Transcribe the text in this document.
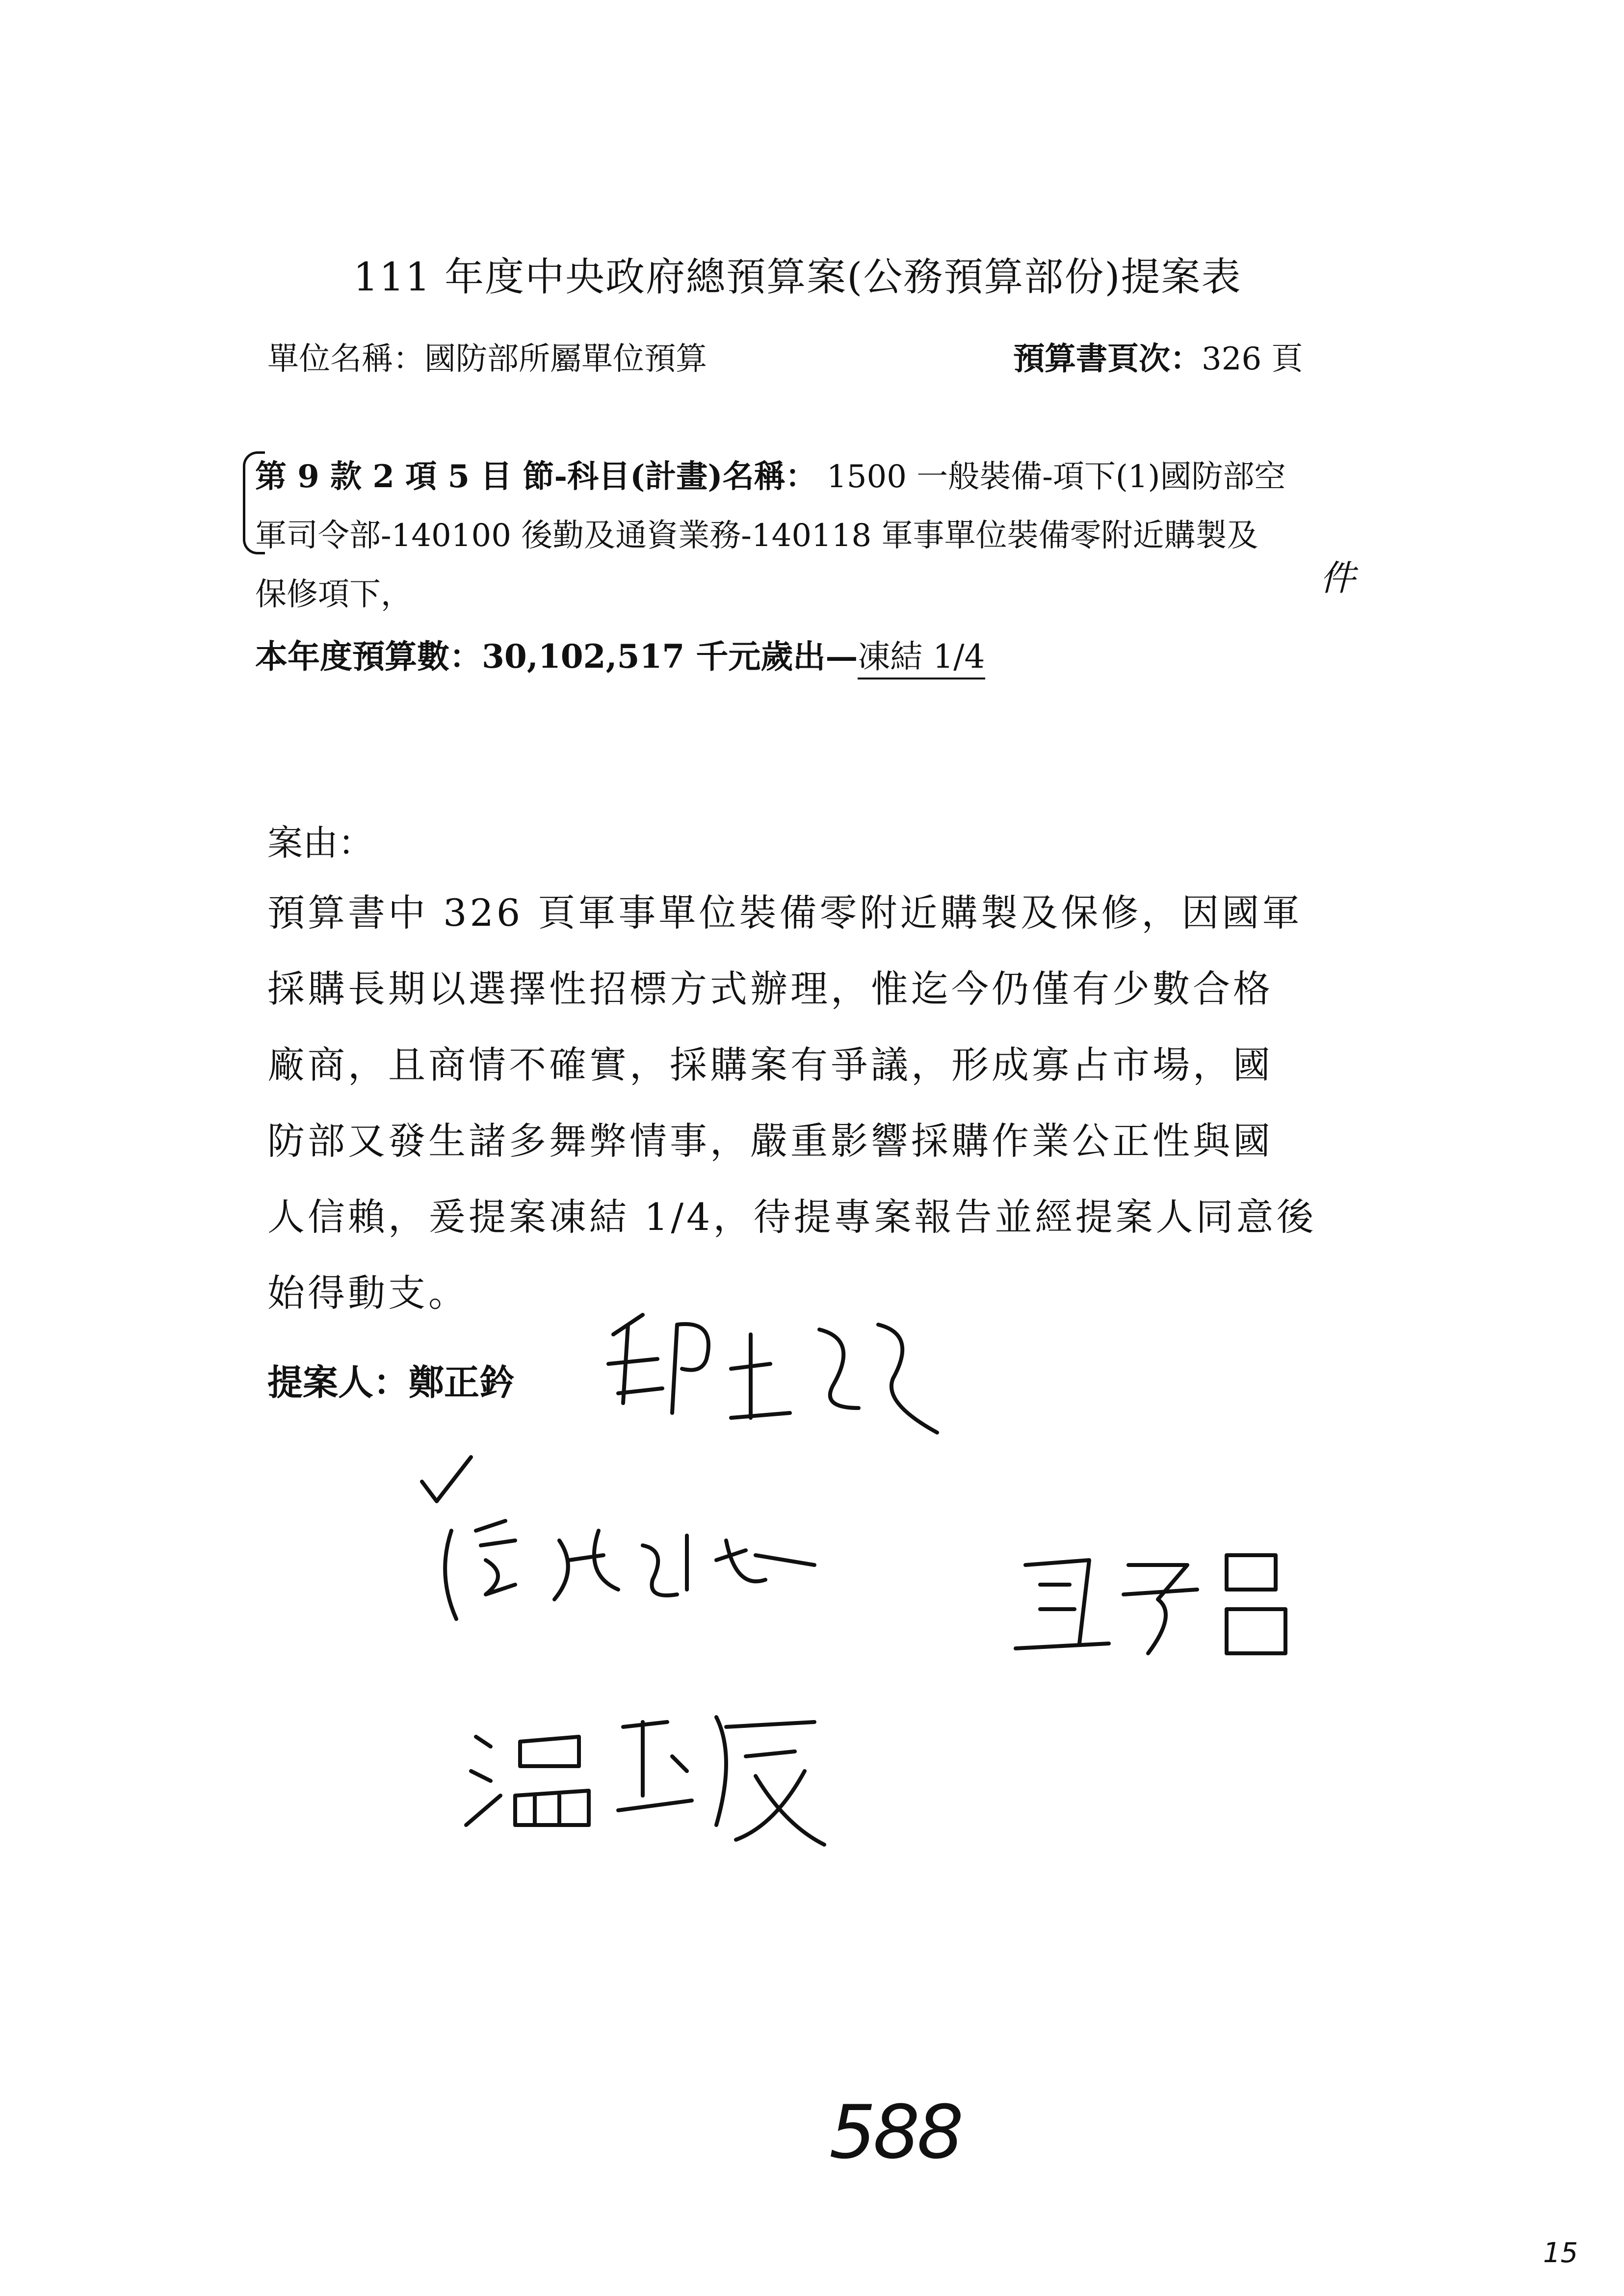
111 年度中央政府總預算案(公務預算部份)提案表
單位名稱：國防部所屬單位預算	預算書頁次：326 頁
第 9 款 2 項 5 目 節-科目(計畫)名稱： 1500 一般裝備-項下(1)國防部空
軍司令部-140100 後勤及通資業務-140118 軍事單位裝備零附近購製及
保修項下，	件
本年度預算數：30,102,517 千元歲出—凍結 1/4
案由：
預算書中 326 頁軍事單位裝備零附近購製及保修，因國軍
採購長期以選擇性招標方式辦理，惟迄今仍僅有少數合格
廠商，且商情不確實，採購案有爭議，形成寡占市場，國
防部又發生諸多舞弊情事，嚴重影響採購作業公正性與國
人信賴，爰提案凍結 1/4，待提專案報告並經提案人同意後
始得動支。
提案人：鄭正鈐
588
15
